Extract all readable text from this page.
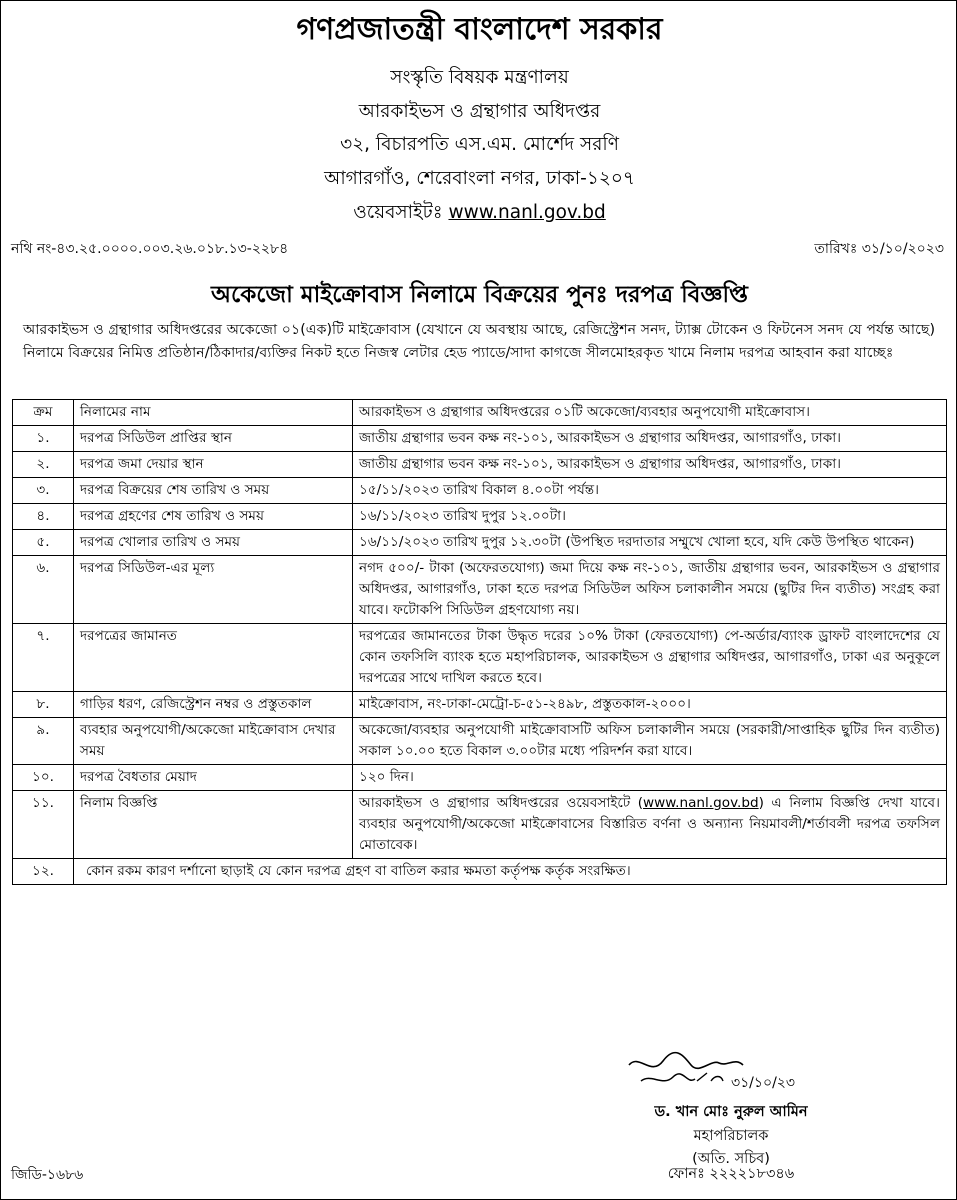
গণপ্রজাতন্ত্রী বাংলাদেশ সরকার
সংস্কৃতি বিষয়ক মন্ত্রণালয়
আরকাইভস ও গ্রন্থাগার অধিদপ্তর
৩২, বিচারপতি এস.এম. মোর্শেদ সরণি
আগারগাঁও, শেরেবাংলা নগর, ঢাকা-১২০৭
ওয়েবসাইটঃ www.nanl.gov.bd
নথি নং-৪৩.২৫.০০০০.০০৩.২৬.০১৮.১৩-২২৮৪	তারিখঃ ৩১/১০/২০২৩
অকেজো মাইক্রোবাস নিলামে বিক্রয়ের পুনঃ দরপত্র বিজ্ঞপ্তি
আরকাইভস ও গ্রন্থাগার অধিদপ্তরের অকেজো ০১(এক)টি মাইক্রোবাস (যেখানে যে অবস্থায় আছে, রেজিস্ট্রেশন সনদ, ট্যাক্স টোকেন ও ফিটনেস সনদ যে পর্যন্ত আছে) নিলামে বিক্রয়ের নিমিত্ত প্রতিষ্ঠান/ঠিকাদার/ব্যক্তির নিকট হতে নিজস্ব লেটার হেড প্যাডে/সাদা কাগজে সীলমোহরকৃত খামে নিলাম দরপত্র আহবান করা যাচ্ছেঃ
ক্রম	নিলামের নাম	আরকাইভস ও গ্রন্থাগার অধিদপ্তরের ০১টি অকেজো/ব্যবহার অনুপযোগী মাইক্রোবাস।
১.	দরপত্র সিডিউল প্রাপ্তির স্থান	জাতীয় গ্রন্থাগার ভবন কক্ষ নং-১০১, আরকাইভস ও গ্রন্থাগার অধিদপ্তর, আগারগাঁও, ঢাকা।
২.	দরপত্র জমা দেয়ার স্থান	জাতীয় গ্রন্থাগার ভবন কক্ষ নং-১০১, আরকাইভস ও গ্রন্থাগার অধিদপ্তর, আগারগাঁও, ঢাকা।
৩.	দরপত্র বিক্রয়ের শেষ তারিখ ও সময়	১৫/১১/২০২৩ তারিখ বিকাল ৪.০০টা পর্যন্ত।
৪.	দরপত্র গ্রহণের শেষ তারিখ ও সময়	১৬/১১/২০২৩ তারিখ দুপুর ১২.০০টা।
৫.	দরপত্র খোলার তারিখ ও সময়	১৬/১১/২০২৩ তারিখ দুপুর ১২.৩০টা (উপস্থিত দরদাতার সম্মুখে খোলা হবে, যদি কেউ উপস্থিত থাকেন)
৬.	দরপত্র সিডিউল-এর মূল্য	নগদ ৫০০/- টাকা (অফেরতযোগ্য) জমা দিয়ে কক্ষ নং-১০১, জাতীয় গ্রন্থাগার ভবন, আরকাইভস ও গ্রন্থাগার অধিদপ্তর, আগারগাঁও, ঢাকা হতে দরপত্র সিডিউল অফিস চলাকালীন সময়ে (ছুটির দিন ব্যতীত) সংগ্রহ করা যাবে। ফটোকপি সিডিউল গ্রহণযোগ্য নয়।
৭.	দরপত্রের জামানত	দরপত্রের জামানতের টাকা উদ্ধৃত দরের ১০% টাকা (ফেরতযোগ্য) পে-অর্ডার/ব্যাংক ড্রাফট বাংলাদেশের যে কোন তফসিলি ব্যাংক হতে মহাপরিচালক, আরকাইভস ও গ্রন্থাগার অধিদপ্তর, আগারগাঁও, ঢাকা এর অনুকূলে দরপত্রের সাথে দাখিল করতে হবে।
৮.	গাড়ির ধরণ, রেজিস্ট্রেশন নম্বর ও প্রস্তুতকাল	মাইক্রোবাস, নং-ঢাকা-মেট্রো-চ-৫১-২৪৯৮, প্রস্তুতকাল-২০০০।
৯.	ব্যবহার অনুপযোগী/অকেজো মাইক্রোবাস দেখার সময়	অকেজো/ব্যবহার অনুপযোগী মাইক্রোবাসটি অফিস চলাকালীন সময়ে (সরকারী/সাপ্তাহিক ছুটির দিন ব্যতীত) সকাল ১০.০০ হতে বিকাল ৩.০০টার মধ্যে পরিদর্শন করা যাবে।
১০.	দরপত্র বৈধতার মেয়াদ	১২০ দিন।
১১.	নিলাম বিজ্ঞপ্তি	আরকাইভস ও গ্রন্থাগার অধিদপ্তরের ওয়েবসাইটে (www.nanl.gov.bd) এ নিলাম বিজ্ঞপ্তি দেখা যাবে। ব্যবহার অনুপযোগী/অকেজো মাইক্রোবাসের বিস্তারিত বর্ণনা ও অন্যান্য নিয়মাবলী/শর্তাবলী দরপত্র তফসিল মোতাবেক।
১২.	কোন রকম কারণ দর্শানো ছাড়াই যে কোন দরপত্র গ্রহণ বা বাতিল করার ক্ষমতা কর্তৃপক্ষ কর্তৃক সংরক্ষিত।	
৩১/১০/২৩
ড. খান মোঃ নুরুল আমিন
মহাপরিচালক
(অতি. সচিব)
জিডি-১৬৮৬	ফোনঃ ২২২২১৮৩৪৬
